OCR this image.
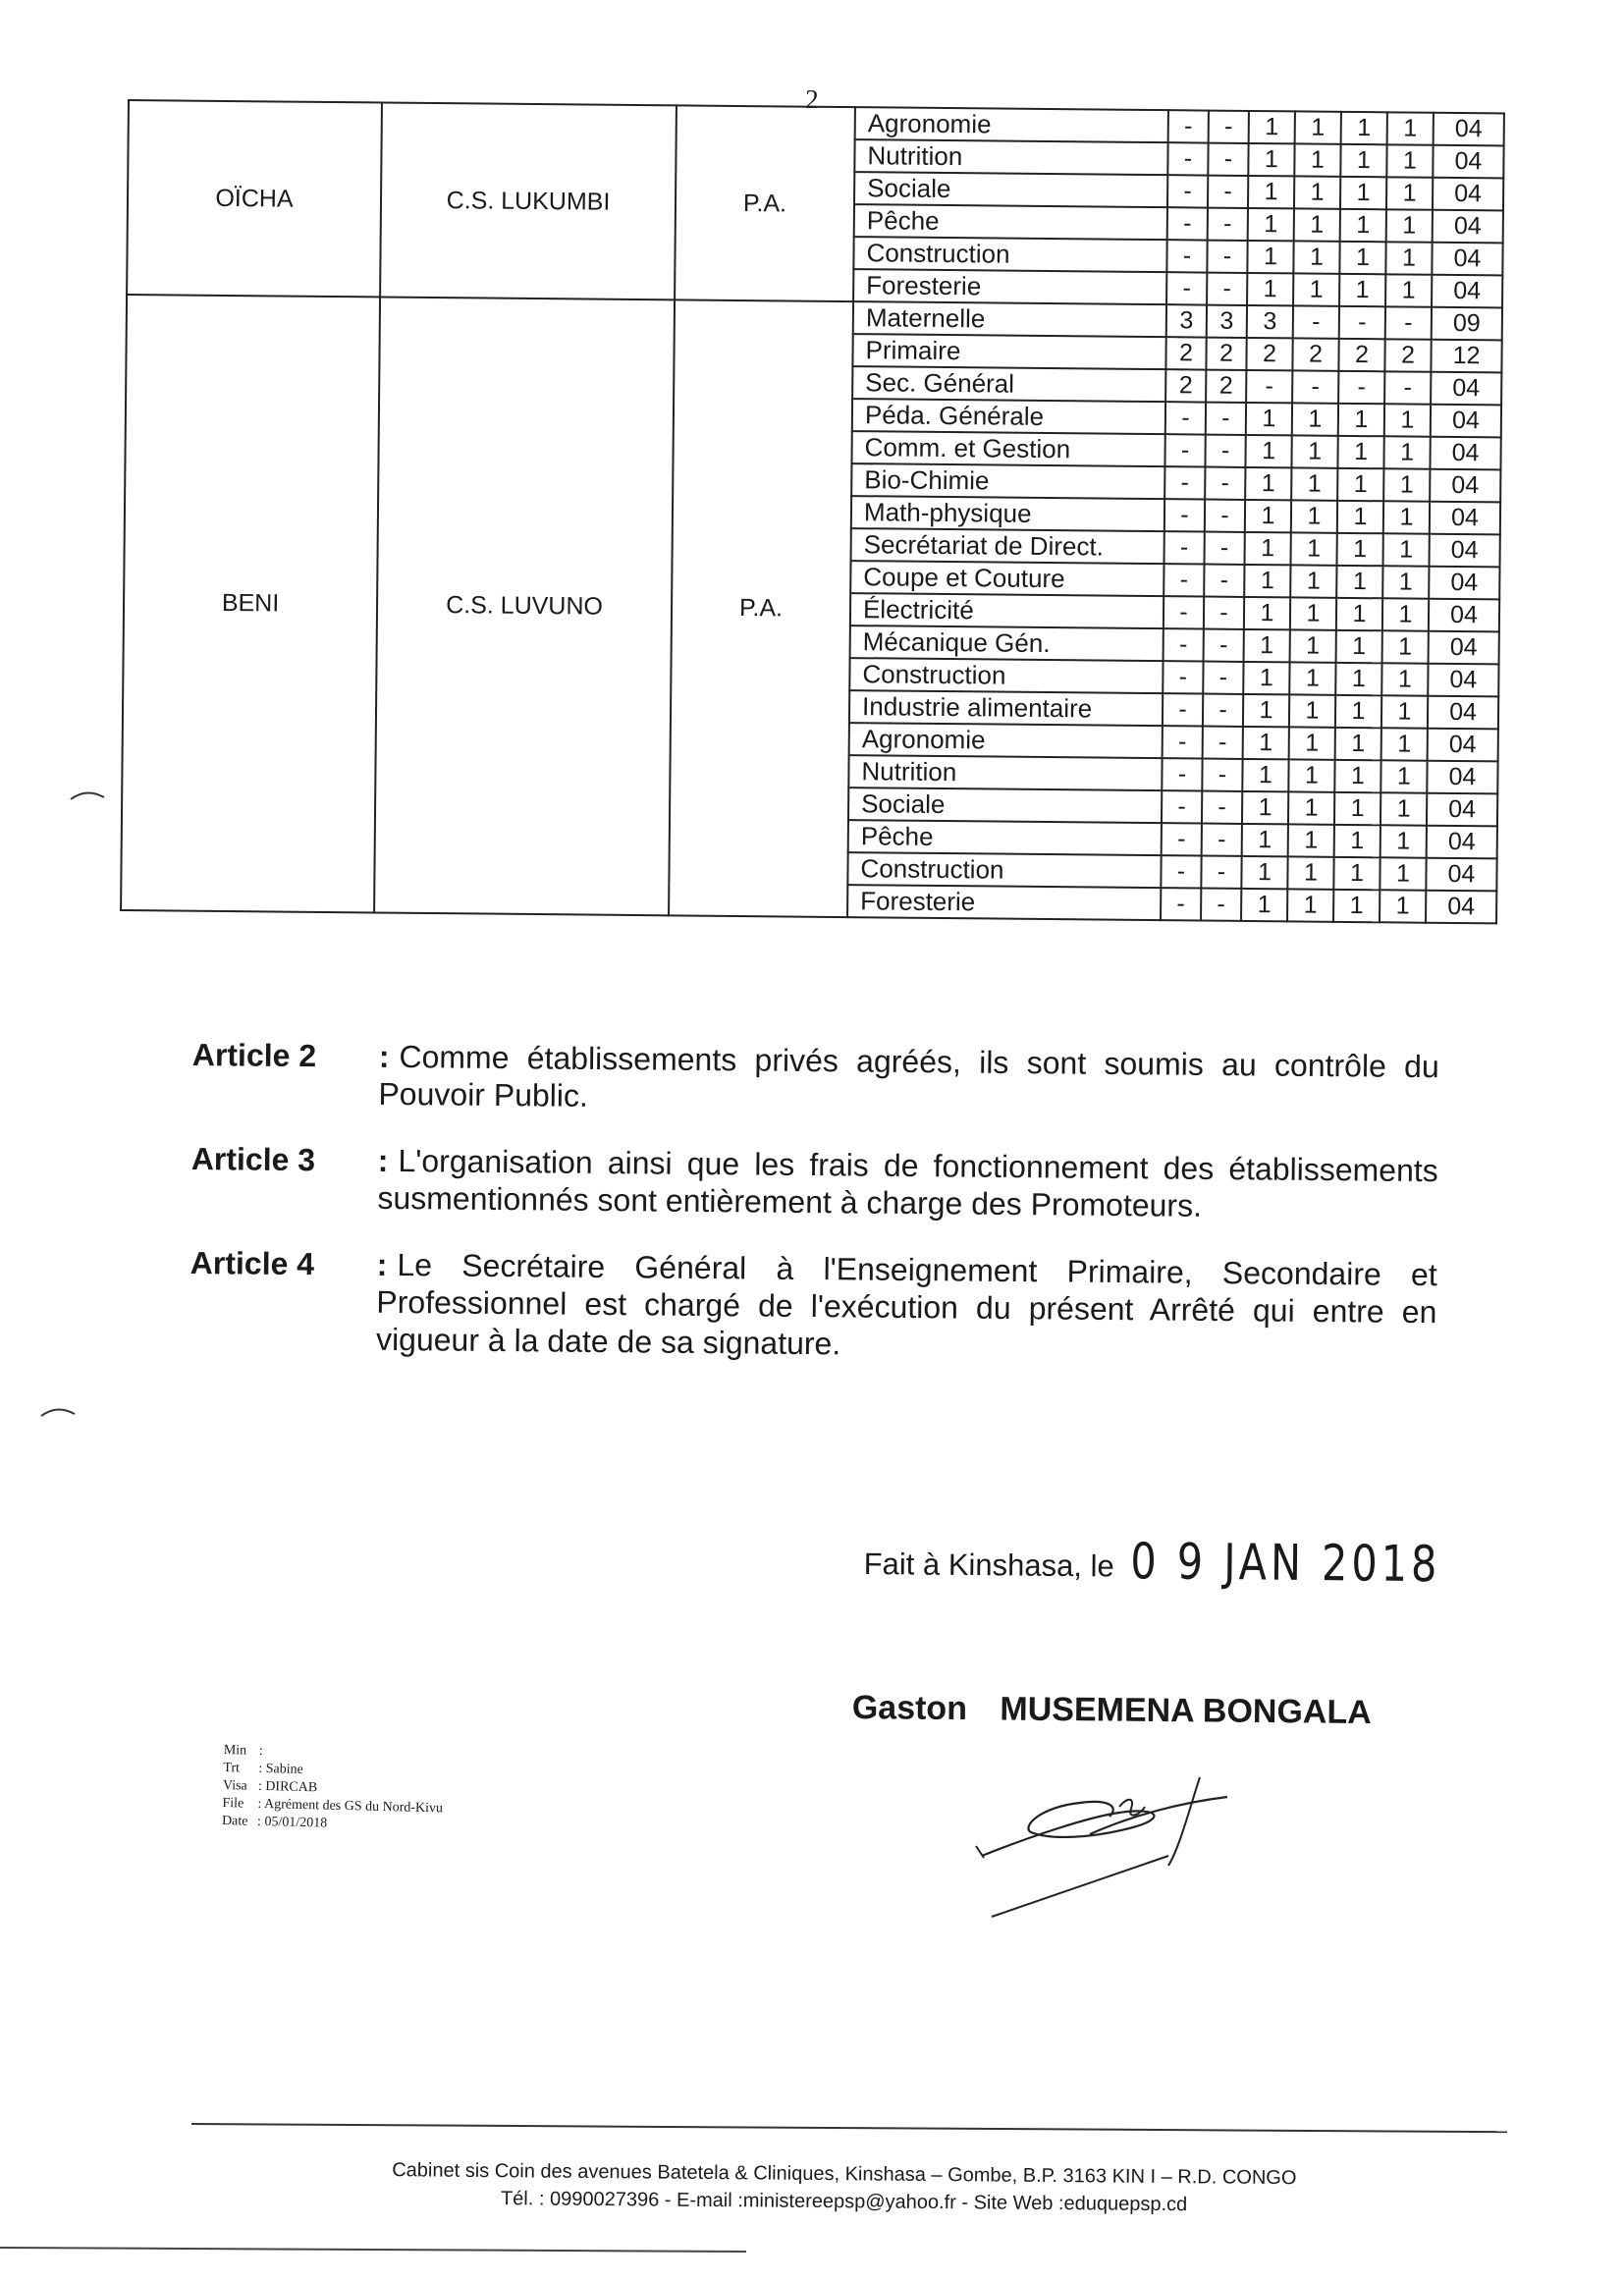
2
OÏCHA	C.S. LUKUMBI	P.A.	Agronomie	-	-	1	1	1	1	04
			Nutrition	-	-	1	1	1	1	04
			Sociale	-	-	1	1	1	1	04
			Pêche	-	-	1	1	1	1	04
			Construction	-	-	1	1	1	1	04
			Foresterie	-	-	1	1	1	1	04
BENI	C.S. LUVUNO	P.A.	Maternelle	3	3	3	-	-	-	09
			Primaire	2	2	2	2	2	2	12
			Sec. Général	2	2	-	-	-	-	04
			Péda. Générale	-	-	1	1	1	1	04
			Comm. et Gestion	-	-	1	1	1	1	04
			Bio-Chimie	-	-	1	1	1	1	04
			Math-physique	-	-	1	1	1	1	04
			Secrétariat de Direct.	-	-	1	1	1	1	04
			Coupe et Couture	-	-	1	1	1	1	04
			Électricité	-	-	1	1	1	1	04
			Mécanique Gén.	-	-	1	1	1	1	04
			Construction	-	-	1	1	1	1	04
			Industrie alimentaire	-	-	1	1	1	1	04
			Agronomie	-	-	1	1	1	1	04
			Nutrition	-	-	1	1	1	1	04
			Sociale	-	-	1	1	1	1	04
			Pêche	-	-	1	1	1	1	04
			Construction	-	-	1	1	1	1	04
			Foresterie	-	-	1	1	1	1	04
Article 2	: Comme établissements privés agréés, ils sont soumis au contrôle du Pouvoir Public.
Article 3	: L'organisation ainsi que les frais de fonctionnement des établissements susmentionnés sont entièrement à charge des Promoteurs.
Article 4	: Le Secrétaire Général à l'Enseignement Primaire, Secondaire et Professionnel est chargé de l'exécution du présent Arrêté qui entre en vigueur à la date de sa signature.
Fait à Kinshasa, le 0 9 JAN 2018
Gaston MUSEMENA BONGALA
Min :
Trt : Sabine
Visa : DIRCAB
File : Agrément des GS du Nord-Kivu
Date : 05/01/2018
Cabinet sis Coin des avenues Batetela & Cliniques, Kinshasa – Gombe, B.P. 3163 KIN I – R.D. CONGO
Tél. : 0990027396 - E-mail :ministereepsp@yahoo.fr - Site Web :eduquepsp.cd
